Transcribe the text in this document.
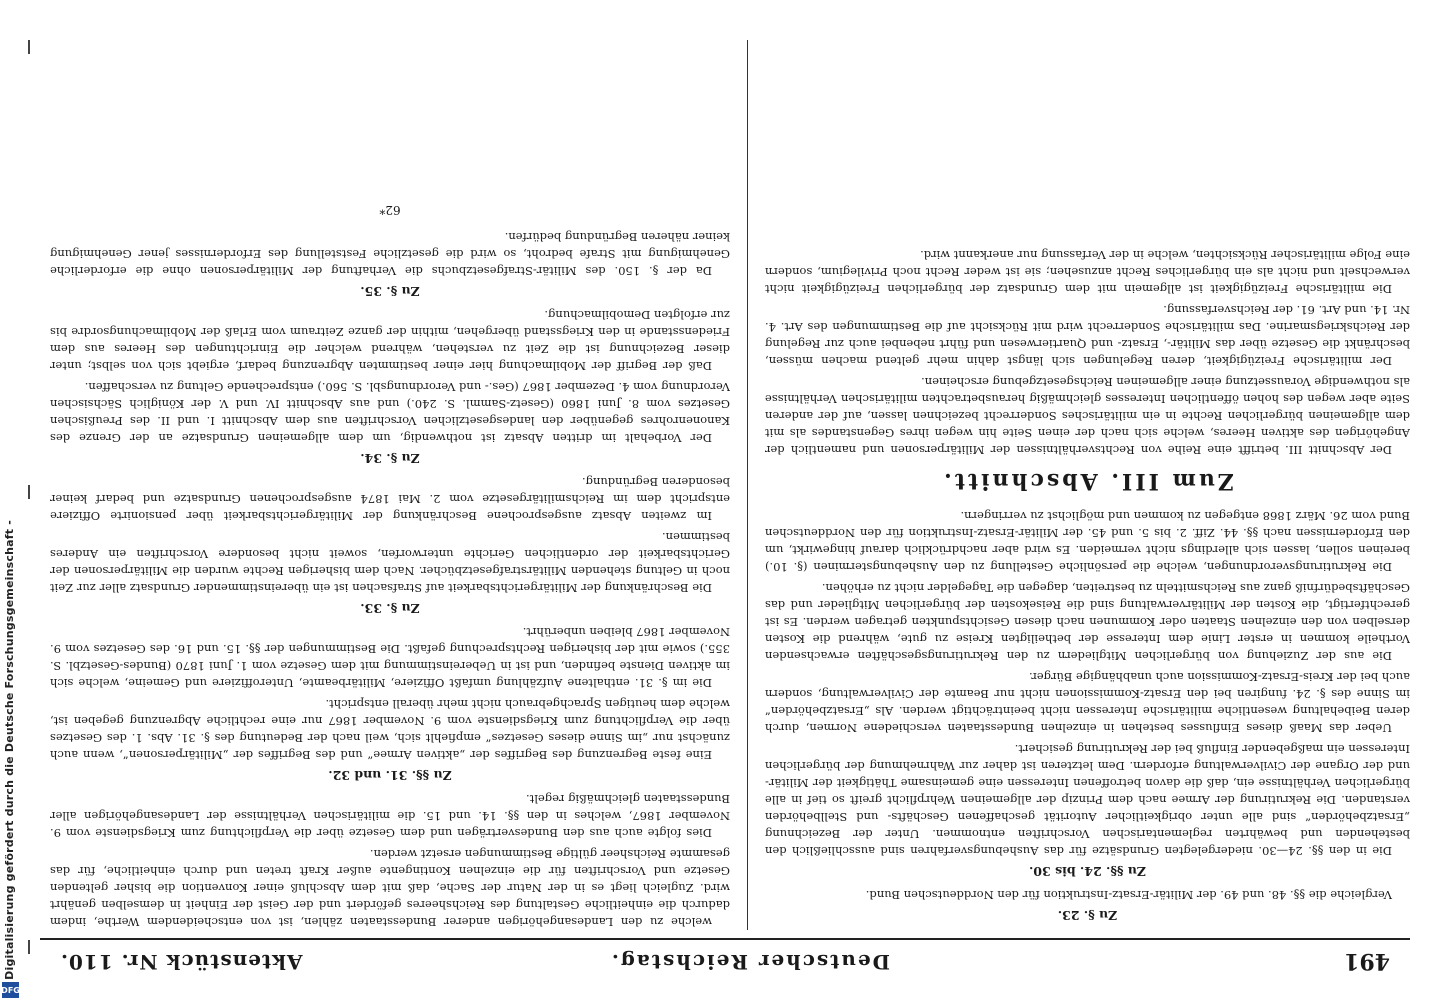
Digitalisierung gefördert durch die Deutsche Forschungsgemeinschaft -
DFG
491
Deutscher Reichstag.
Aktenstück Nr. 110.
Zu §. 23.

Vergleiche die §§. 48. und 49. der Militär-Ersatz-Instruktion für den Norddeutschen Bund.

Zu §§. 24. bis 30.

Die in den §§. 24—30. niedergelegten Grundsätze für das Aushebungsverfahren sind ausschließlich den bestehenden und bewährten reglementarischen Vorschriften entnommen. Unter der Bezeichnung „Ersatzbehörden“ sind alle unter obrigkeitlicher Autorität geschaffenen Geschäfts- und Stellbehörden verstanden. Die Rekrutirung der Armee nach dem Prinzip der allgemeinen Wehrpflicht greift so tief in alle bürgerlichen Verhältnisse ein, daß die davon betroffenen Interessen eine gemeinsame Thätigkeit der Militär- und der Organe der Civilverwaltung erfordern. Dem letzteren ist daher zur Wahrnehmung der bürgerlichen Interessen ein maßgebender Einfluß bei der Rekrutirung gesichert.

Ueber das Maaß dieses Einflusses bestehen in einzelnen Bundesstaaten verschiedene Normen, durch deren Beibehaltung wesentliche militärische Interessen nicht beeinträchtigt werden. Als „Ersatzbehörden“ im Sinne des §. 24. fungiren bei den Ersatz-Kommissionen nicht nur Beamte der Civilverwaltung, sondern auch bei der Kreis-Ersatz-Kommission auch unabhängige Bürger.

Die aus der Zuziehung von bürgerlichen Mitgliedern zu den Rekrutirungsgeschäften erwachsenden Vortheile kommen in erster Linie dem Interesse der betheiligten Kreise zu gute, während die Kosten derselben von den einzelnen Staaten oder Kommunen nach diesen Gesichtspunkten getragen werden. Es ist gerechtfertigt, die Kosten der Militärverwaltung sind die Reisekosten der bürgerlichen Mitglieder und das Geschäftsbedürfniß ganz aus Reichsmitteln zu bestreiten, dagegen die Tagegelder nicht zu erhöhen.

Die Rekrutirungsverordnungen, welche die persönliche Gestellung zu den Aushebungsterminen (§. 10.) bereinen sollen, lassen sich allerdings nicht vermeiden. Es wird aber nachdrücklich darauf hingewirkt, um den Erfordernissen nach §§. 44. Ziff. 2. bis 5. und 45. der Militär-Ersatz-Instruktion für den Norddeutschen Bund vom 26. März 1868 entgegen zu kommen und möglichst zu verringern.

Zum III. Abschnitt.

Der Abschnitt III. betrifft eine Reihe von Rechtsverhältnissen der Militärpersonen und namentlich der Angehörigen des aktiven Heeres, welche sich nach der einen Seite hin wegen ihres Gegenstandes als mit dem allgemeinen bürgerlichen Rechte in ein militärisches Sonderrecht bezeichnen lassen, auf der anderen Seite aber wegen des hohen öffentlichen Interesses gleichmäßig herausbetrachten militärischen Verhältnisse als nothwendige Voraussetzung einer allgemeinen Reichsgesetzgebung erscheinen.

Der militärische Freizügigkeit, deren Regelungen sich längst dahin mehr geltend machen müssen, beschränkt die Gesetze über das Militär-, Ersatz- und Quartierwesen und führt nebenbei auch zur Regelung der Reichskriegsmarine. Das militärische Sonderrecht wird mit Rücksicht auf die Bestimmungen des Art. 4. Nr. 14. und Art. 61. der Reichsverfassung.

Die militärische Freizügigkeit ist allgemein mit dem Grundsatz der bürgerlichen Freizügigkeit nicht verwechselt und nicht als ein bürgerliches Recht anzusehen; sie ist weder Recht noch Privilegium, sondern eine Folge militärischer Rücksichten, welche in der Verfassung nur anerkannt wird.

welche zu den Landesangehörigen anderer Bundesstaaten zählen, ist von entscheidendem Werthe, indem dadurch die einheitliche Gestaltung des Reichsheeres gefördert und der Geist der Einheit in demselben genährt wird. Zugleich liegt es in der Natur der Sache, daß mit dem Abschluß einer Konvention die bisher geltenden Gesetze und Vorschriften für die einzelnen Kontingente außer Kraft treten und durch einheitliche, für das gesammte Reichsheer gültige Bestimmungen ersetzt werden.

Dies folgte auch aus den Bundesverträgen und dem Gesetze über die Verpflichtung zum Kriegsdienste vom 9. November 1867, welches in den §§. 14. und 15. die militärischen Verhältnisse der Landesangehörigen aller Bundesstaaten gleichmäßig regelt.

Zu §§. 31. und 32.

Eine feste Begrenzung des Begriffes der „aktiven Armee“ und des Begriffes der „Militärpersonen“, wenn auch zunächst nur „im Sinne dieses Gesetzes“ empfiehlt sich, weil nach der Bedeutung des §. 31. Abs. 1. des Gesetzes über die Verpflichtung zum Kriegsdienste vom 9. November 1867 nur eine rechtliche Abgrenzung gegeben ist, welche dem heutigen Sprachgebrauch nicht mehr überall entspricht.

Die im §. 31. enthaltene Aufzählung umfaßt Offiziere, Militärbeamte, Unteroffiziere und Gemeine, welche sich im aktiven Dienste befinden, und ist in Uebereinstimmung mit dem Gesetze vom 1. Juni 1870 (Bundes-Gesetzbl. S. 355.) sowie mit der bisherigen Rechtsprechung gefaßt. Die Bestimmungen der §§. 15. und 16. des Gesetzes vom 9. November 1867 bleiben unberührt.

Zu §. 33.

Die Beschränkung der Militärgerichtsbarkeit auf Strafsachen ist ein übereinstimmender Grundsatz aller zur Zeit noch in Geltung stehenden Militärstrafgesetzbücher. Nach dem bisherigen Rechte wurden die Militärpersonen der Gerichtsbarkeit der ordentlichen Gerichte unterworfen, soweit nicht besondere Vorschriften ein Anderes bestimmen.

Im zweiten Absatz ausgesprochene Beschränkung der Militärgerichtsbarkeit über pensionirte Offiziere entspricht dem im Reichsmilitärgesetze vom 2. Mai 1874 ausgesprochenen Grundsatze und bedarf keiner besonderen Begründung.

Zu §. 34.

Der Vorbehalt im dritten Absatz ist nothwendig, um dem allgemeinen Grundsatze an der Grenze des Kanonenrohres gegenüber den landesgesetzlichen Vorschriften aus dem Abschnitt I. und II. des Preußischen Gesetzes vom 8. Juni 1860 (Gesetz-Samml. S. 240.) und aus Abschnitt IV. und V. der Königlich Sächsischen Verordnung vom 4. Dezember 1867 (Ges.- und Verordnungsbl. S. 560.) entsprechende Geltung zu verschaffen.

Daß der Begriff der Mobilmachung hier einer bestimmten Abgrenzung bedarf, ergiebt sich von selbst; unter dieser Bezeichnung ist die Zeit zu verstehen, während welcher die Einrichtungen des Heeres aus dem Friedensstande in den Kriegsstand übergehen, mithin der ganze Zeitraum vom Erlaß der Mobilmachungsordre bis zur erfolgten Demobilmachung.

Zu §. 35.

Da der §. 150. des Militär-Strafgesetzbuchs die Verhaftung der Militärpersonen ohne die erforderliche Genehmigung mit Strafe bedroht, so wird die gesetzliche Feststellung des Erfordernisses jener Genehmigung keiner näheren Begründung bedürfen.

62*
